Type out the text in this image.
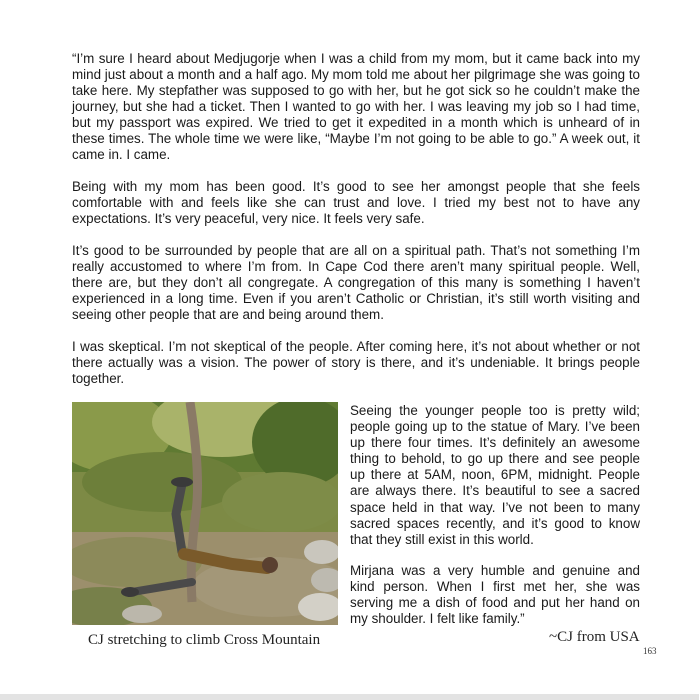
“I’m sure I heard about Medjugorje when I was a child from my mom, but it came back into my mind just about a month and a half ago. My mom told me about her pilgrimage she was going to take here. My stepfather was supposed to go with her, but he got sick so he couldn’t make the journey, but she had a ticket. Then I wanted to go with her. I was leaving my job so I had time, but my passport was expired. We tried to get it expedited in a month which is unheard of in these times. The whole time we were like, “Maybe I’m not going to be able to go.” A week out, it came in. I came.

Being with my mom has been good. It’s good to see her amongst people that she feels comfortable with and feels like she can trust and love. I tried my best not to have any expectations. It’s very peaceful, very nice. It feels very safe.

It’s good to be surrounded by people that are all on a spiritual path. That’s not something I’m really accustomed to where I’m from. In Cape Cod there aren’t many spiritual people. Well, there are, but they don’t all congregate. A congregation of this many is something I haven’t experienced in a long time. Even if you aren’t Catholic or Christian, it’s still worth visiting and seeing other people that are and being around them.

I was skeptical. I’m not skeptical of the people. After coming here, it’s not about whether or not there actually was a vision. The power of story is there, and it’s undeniable. It brings people together.

CJ stretching to climb Cross Mountain

Seeing the younger people too is pretty wild; people going up to the statue of Mary. I’ve been up there four times. It’s definitely an awesome thing to behold, to go up there and see people up there at 5AM, noon, 6PM, midnight. People are always there. It’s beautiful to see a sacred space held in that way. I’ve not been to many sacred spaces recently, and it’s good to know that they still exist in this world.

Mirjana was a very humble and genuine and kind person. When I first met her, she was serving me a dish of food and put her hand on my shoulder. I felt like family.”

~CJ from USA

163
